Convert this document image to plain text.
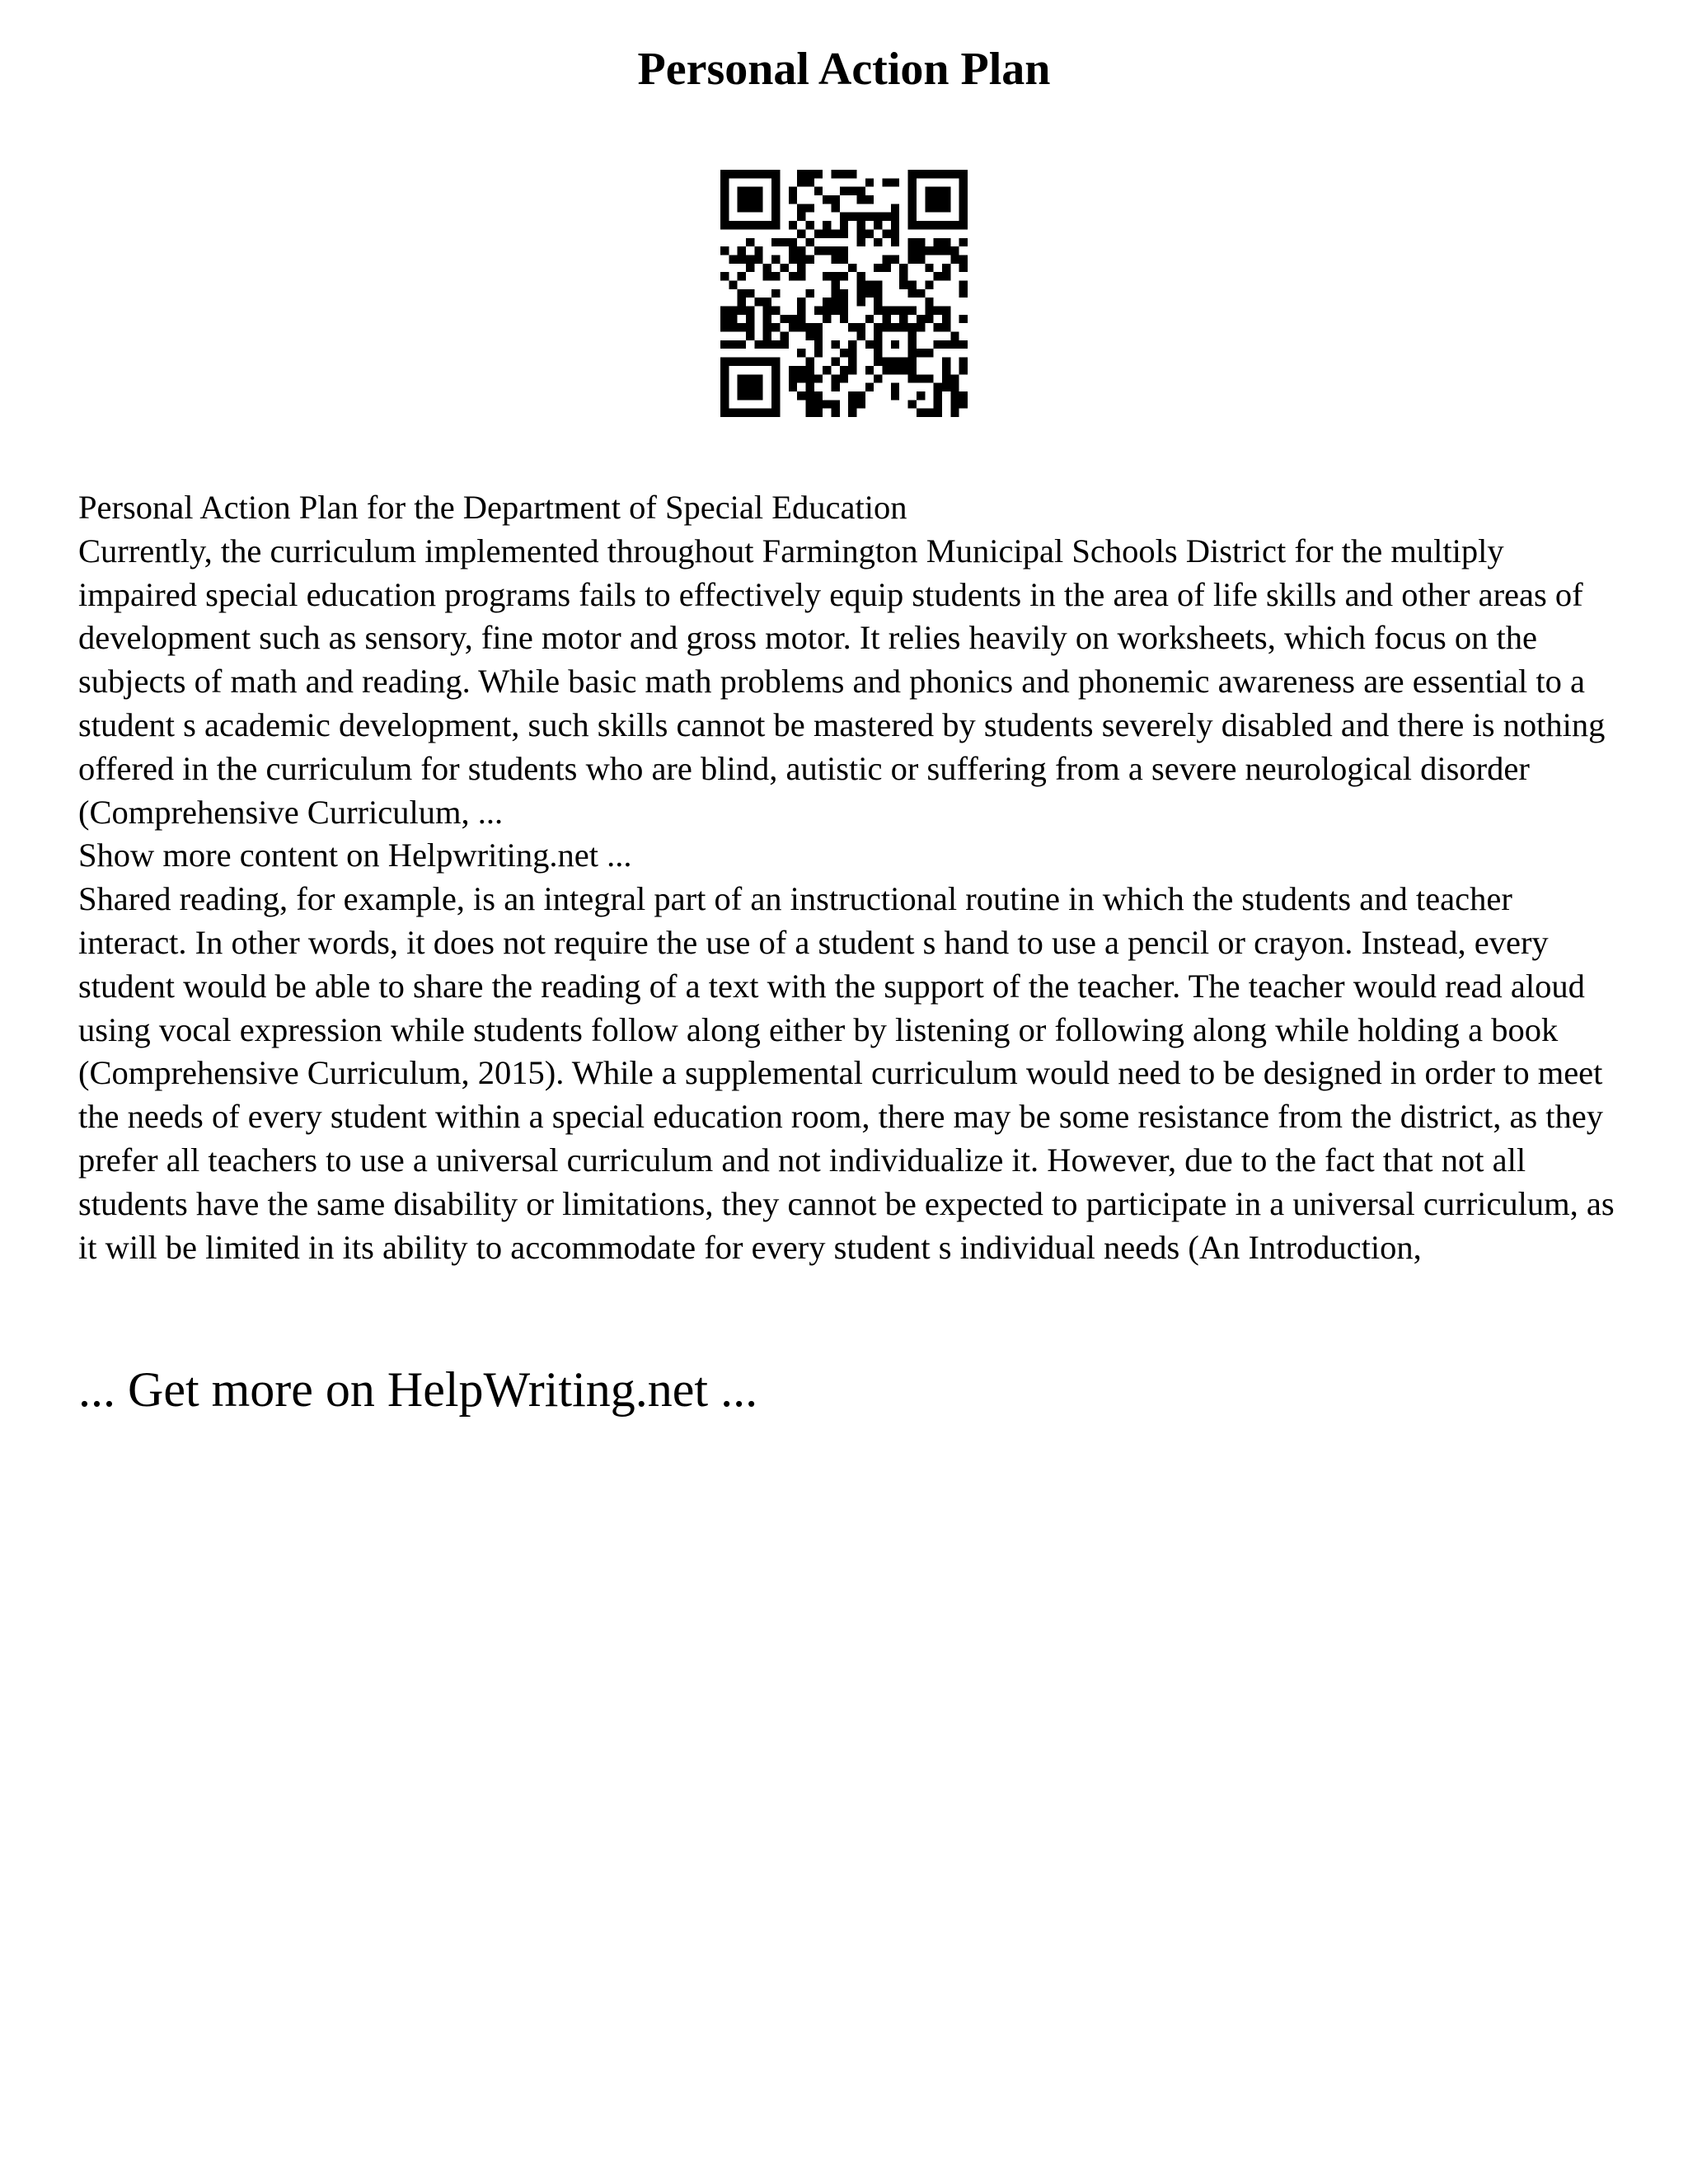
Personal Action Plan

Personal Action Plan for the Department of Special Education

Currently, the curriculum implemented throughout Farmington Municipal Schools District for the multiply impaired special education programs fails to effectively equip students in the area of life skills and other areas of development such as sensory, fine motor and gross motor. It relies heavily on worksheets, which focus on the subjects of math and reading. While basic math problems and phonics and phonemic awareness are essential to a student s academic development, such skills cannot be mastered by students severely disabled and there is nothing offered in the curriculum for students who are blind, autistic or suffering from a severe neurological disorder (Comprehensive Curriculum, ...

Show more content on Helpwriting.net ...

Shared reading, for example, is an integral part of an instructional routine in which the students and teacher interact. In other words, it does not require the use of a student s hand to use a pencil or crayon. Instead, every student would be able to share the reading of a text with the support of the teacher. The teacher would read aloud using vocal expression while students follow along either by listening or following along while holding a book (Comprehensive Curriculum, 2015). While a supplemental curriculum would need to be designed in order to meet the needs of every student within a special education room, there may be some resistance from the district, as they prefer all teachers to use a universal curriculum and not individualize it. However, due to the fact that not all students have the same disability or limitations, they cannot be expected to participate in a universal curriculum, as it will be limited in its ability to accommodate for every student s individual needs (An Introduction,

... Get more on HelpWriting.net ...
